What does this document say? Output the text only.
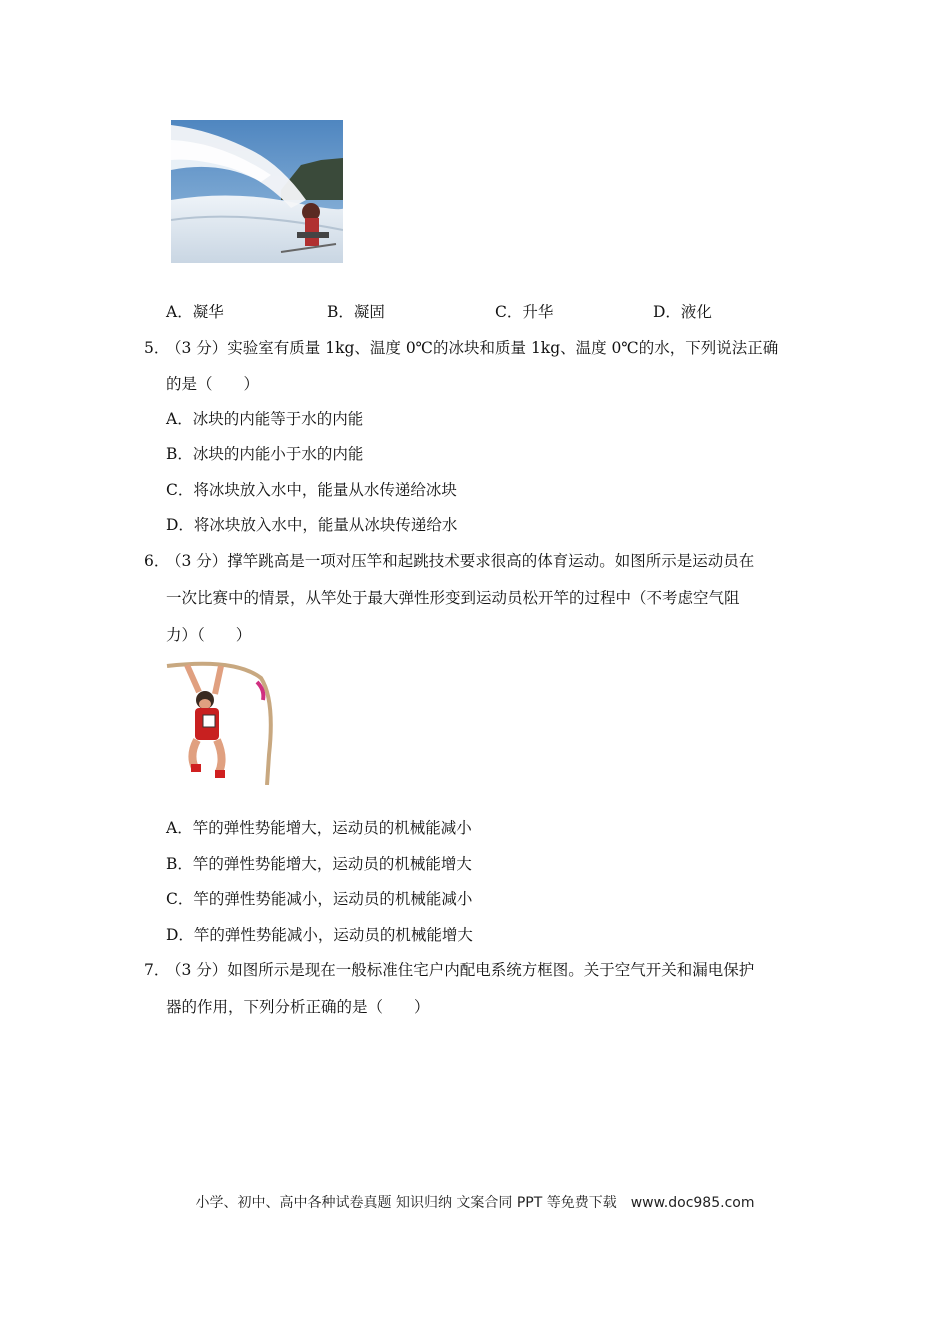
A．凝华	B．凝固	C．升华	D．液化
5．
（3 分）实验室有质量 1kg、温度 0℃的冰块和质量 1kg、温度 0℃的水，下列说法正确
的是（　　）
A．冰块的内能等于水的内能
B．冰块的内能小于水的内能
C．将冰块放入水中，能量从水传递给冰块
D．将冰块放入水中，能量从冰块传递给水
6．
（3 分）撑竿跳高是一项对压竿和起跳技术要求很高的体育运动。如图所示是运动员在
一次比赛中的情景，从竿处于最大弹性形变到运动员松开竿的过程中（不考虑空气阻
力）（　　）
A．竿的弹性势能增大，运动员的机械能减小
B．竿的弹性势能增大，运动员的机械能增大
C．竿的弹性势能减小，运动员的机械能减小
D．竿的弹性势能减小，运动员的机械能增大
7．
（3 分）如图所示是现在一般标准住宅户内配电系统方框图。关于空气开关和漏电保护
器的作用，下列分析正确的是（　　）
小学、初中、高中各种试卷真题 知识归纳 文案合同 PPT 等免费下载　www.doc985.com
